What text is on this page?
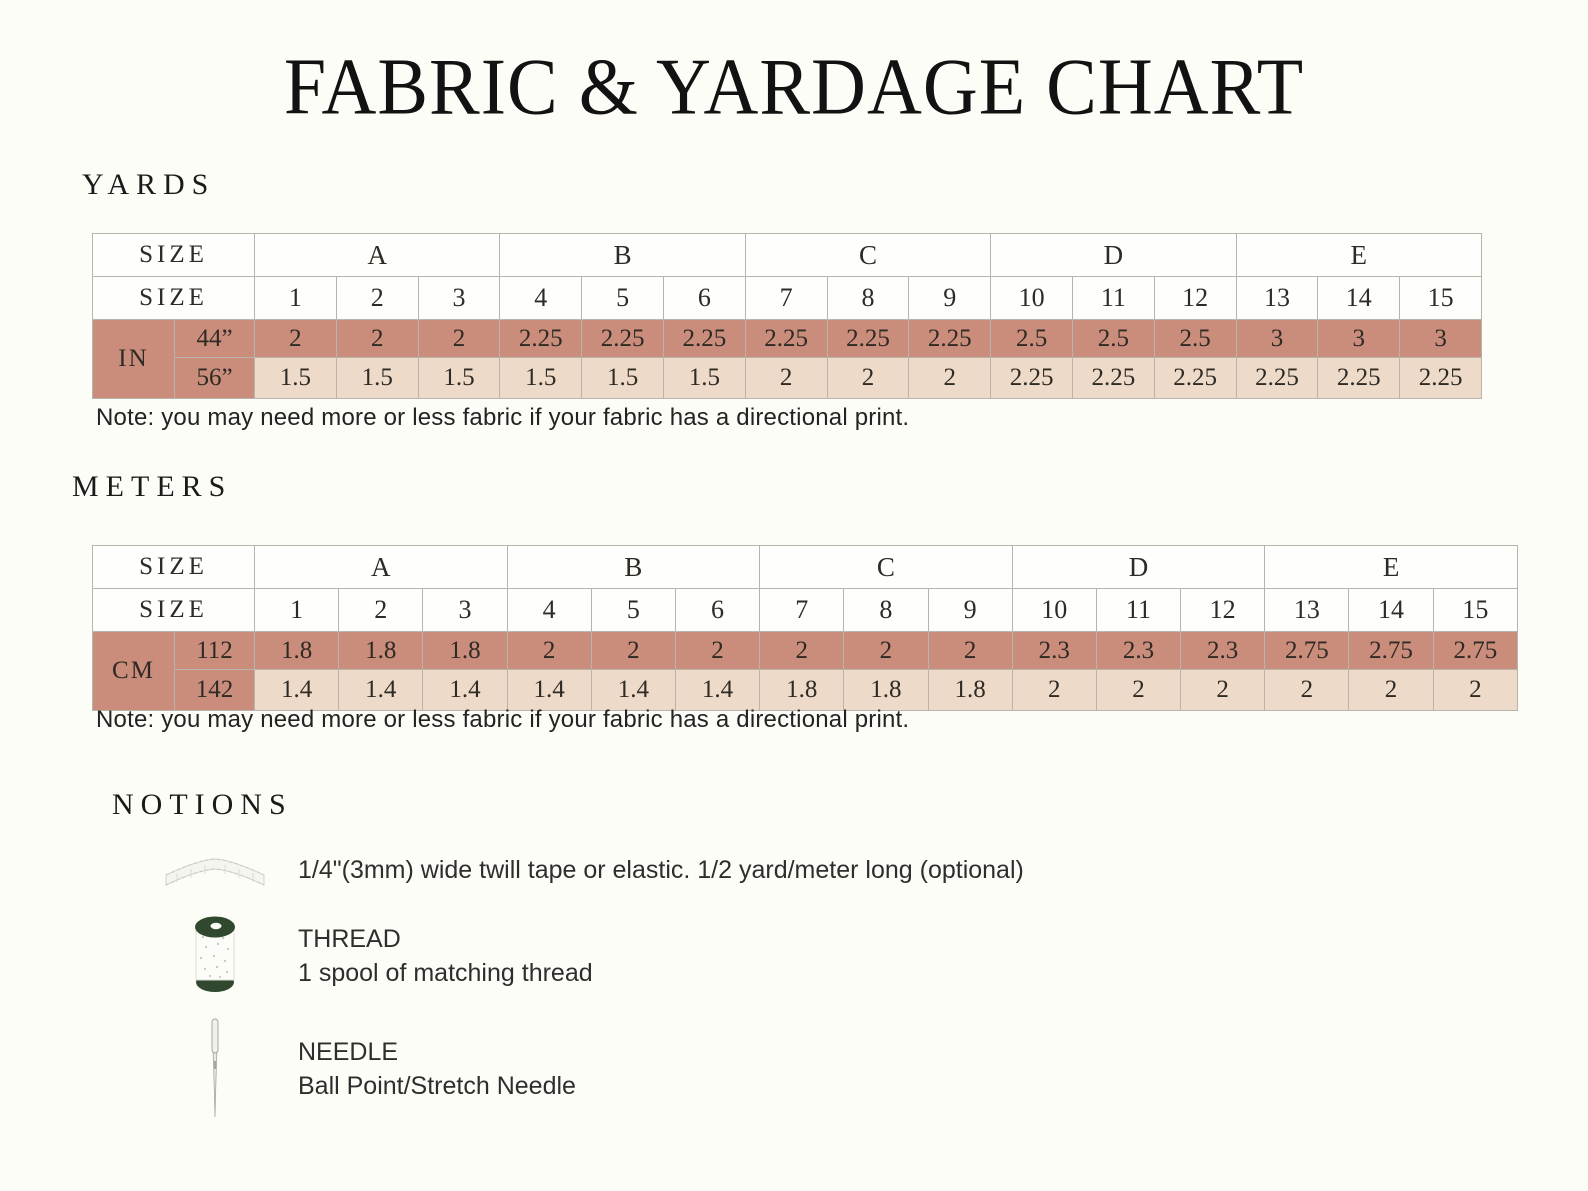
FABRIC & YARDAGE CHART
YARDS
SIZE		A			B			C			D			E		
SIZE		1	2	3	4	5	6	7	8	9	10	11	12	13	14	15
IN	44”	2	2	2	2.25	2.25	2.25	2.25	2.25	2.25	2.5	2.5	2.5	3	3	3
	56”	1.5	1.5	1.5	1.5	1.5	1.5	2	2	2	2.25	2.25	2.25	2.25	2.25	2.25

Note: you may need more or less fabric if your fabric has a directional print.

METERS
SIZE		A			B			C			D			E		
SIZE		1	2	3	4	5	6	7	8	9	10	11	12	13	14	15
CM	112	1.8	1.8	1.8	2	2	2	2	2	2	2.3	2.3	2.3	2.75	2.75	2.75
	142	1.4	1.4	1.4	1.4	1.4	1.4	1.8	1.8	1.8	2	2	2	2	2	2

Note: you may need more or less fabric if your fabric has a directional print.

NOTIONS
1/4"(3mm) wide twill tape or elastic. 1/2 yard/meter long (optional)
THREAD
1 spool of matching thread
NEEDLE
Ball Point/Stretch Needle
